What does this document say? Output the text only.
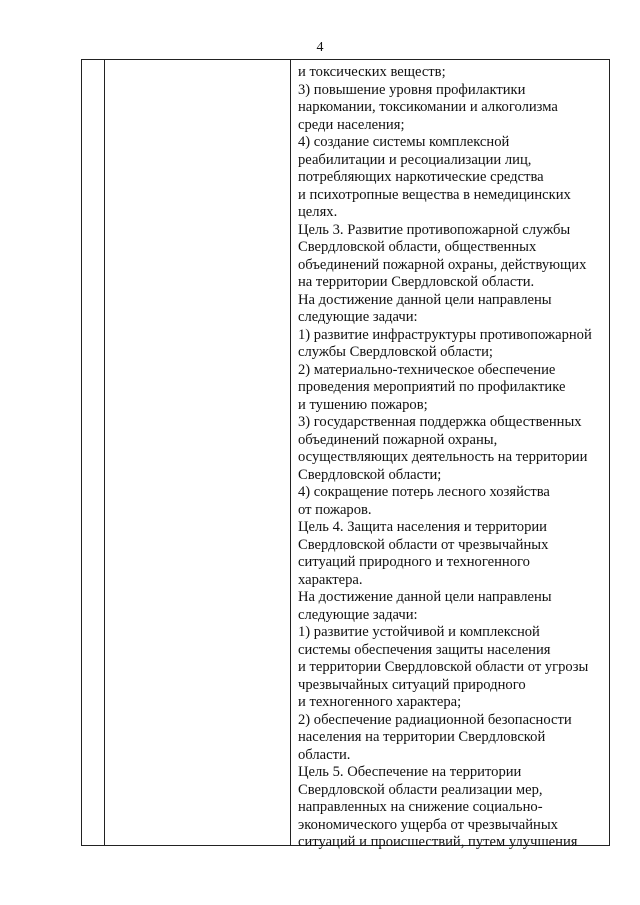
4
и токсических веществ;
3) повышение уровня профилактики
наркомании, токсикомании и алкоголизма
среди населения;
4) создание системы комплексной
реабилитации и ресоциализации лиц,
потребляющих наркотические средства
и психотропные вещества в немедицинских
целях.
Цель 3. Развитие противопожарной службы
Свердловской области, общественных
объединений пожарной охраны, действующих
на территории Свердловской области.
На достижение данной цели направлены
следующие задачи:
1) развитие инфраструктуры противопожарной
службы Свердловской области;
2) материально-техническое обеспечение
проведения мероприятий по профилактике
и тушению пожаров;
3) государственная поддержка общественных
объединений пожарной охраны,
осуществляющих деятельность на территории
Свердловской области;
4) сокращение потерь лесного хозяйства
от пожаров.
Цель 4. Защита населения и территории
Свердловской области от чрезвычайных
ситуаций природного и техногенного
характера.
На достижение данной цели направлены
следующие задачи:
1) развитие устойчивой и комплексной
системы обеспечения защиты населения
и территории Свердловской области от угрозы
чрезвычайных ситуаций природного
и техногенного характера;
2) обеспечение радиационной безопасности
населения на территории Свердловской
области.
Цель 5. Обеспечение на территории
Свердловской области реализации мер,
направленных на снижение социально-
экономического ущерба от чрезвычайных
ситуаций и происшествий, путем улучшения
